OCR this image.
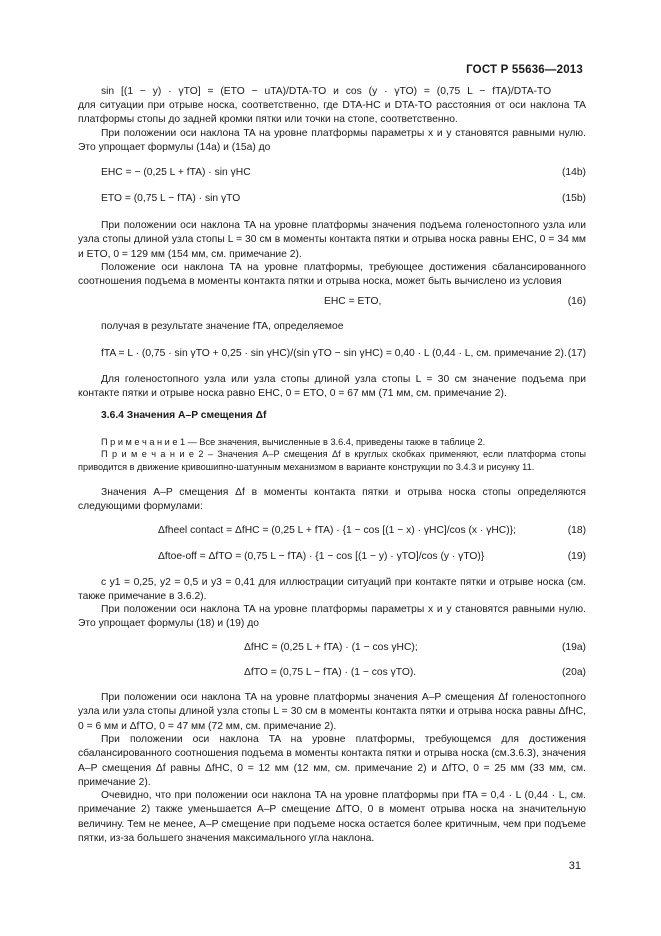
ГОСТ Р 55636—2013
sin [(1 − y) · γTO] = (ETO − uTA)/DTA-TO и cos (y · γTO) = (0,75 L − fTA)/DTA-TO
для ситуации при отрыве носка, соответственно, где DTA-HC и DTA-TO расстояния от оси наклона TA платформы стопы до задней кромки пятки или точки на стопе, соответственно.
При положении оси наклона TA на уровне платформы параметры x и y становятся равными нулю. Это упрощает формулы (14a) и (15a) до
EHC = − (0,25 L + fTA) · sin γHC	(14b)
ETO = (0,75 L − fTA) · sin γTO	(15b)
При положении оси наклона TA на уровне платформы значения подъема голеностопного узла или узла стопы длиной узла стопы L = 30 см в моменты контакта пятки и отрыва носка равны EHC, 0 = 34 мм и ETO, 0 = 129 мм (154 мм, см. примечание 2).
Положение оси наклона TA на уровне платформы, требующее достижения сбалансированного соотношения подъема в моменты контакта пятки и отрыва носка, может быть вычислено из условия
EHC = ETO,	(16)
получая в результате значение fTA, определяемое
fTA = L · (0,75 · sin γTO + 0,25 · sin γHC)/(sin γTO − sin γHC) = 0,40 · L (0,44 · L, см. примечание 2). (17)
Для голеностопного узла или узла стопы длиной узла стопы L = 30 см значение подъема при контакте пятки и отрыве носка равно EHC, 0 = ETO, 0 = 67 мм (71 мм, см. примечание 2).
3.6.4 Значения A–P смещения Δf
П р и м е ч а н и е 1 — Все значения, вычисленные в 3.6.4, приведены также в таблице 2.
П р и м е ч а н и е 2 – Значения A–P смещения Δf в круглых скобках применяют, если платформа стопы приводится в движение кривошипно-шатунным механизмом в варианте конструкции по 3.4.3 и рисунку 11.
Значения A–P смещения Δf в моменты контакта пятки и отрыва носка стопы определяются следующими формулами:
Δfheel contact = ΔfHC = (0,25 L + fTA) · {1 − cos [(1 − x) · γHC]/cos (x · γHC)};	(18)
Δftoe-off = ΔfTO = (0,75 L − fTA) · {1 − cos [(1 − y) · γTO]/cos (y · γTO)}	(19)
с y1 = 0,25, y2 = 0,5 и y3 = 0,41 для иллюстрации ситуаций при контакте пятки и отрыве носка (см. также примечание в 3.6.2).
При положении оси наклона TA на уровне платформы параметры x и y становятся равными нулю. Это упрощает формулы (18) и (19) до
ΔfHC = (0,25 L + fTA) · (1 − cos γHC);	(19a)
ΔfTO = (0,75 L − fTA) · (1 − cos γTO).	(20a)
При положении оси наклона TA на уровне платформы значения A–P смещения Δf голеностопного узла или узла стопы длиной узла стопы L = 30 см в моменты контакта пятки и отрыва носка равны ΔfHC, 0 = 6 мм и ΔfTO, 0 = 47 мм (72 мм, см. примечание 2).
При положении оси наклона TA на уровне платформы, требующемся для достижения сбалансированного соотношения подъема в моменты контакта пятки и отрыва носка (см.3.6.3), значения A–P смещения Δf равны ΔfHC, 0 = 12 мм (12 мм, см. примечание 2) и ΔfTO, 0 = 25 мм (33 мм, см. примечание 2).
Очевидно, что при положении оси наклона TA на уровне платформы при fTA = 0,4 · L (0,44 · L, см. примечание 2) также уменьшается A–P смещение ΔfTO, 0 в момент отрыва носка на значительную величину. Тем не менее, A–P смещение при подъеме носка остается более критичным, чем при подъеме пятки, из-за большего значения максимального угла наклона.
31
